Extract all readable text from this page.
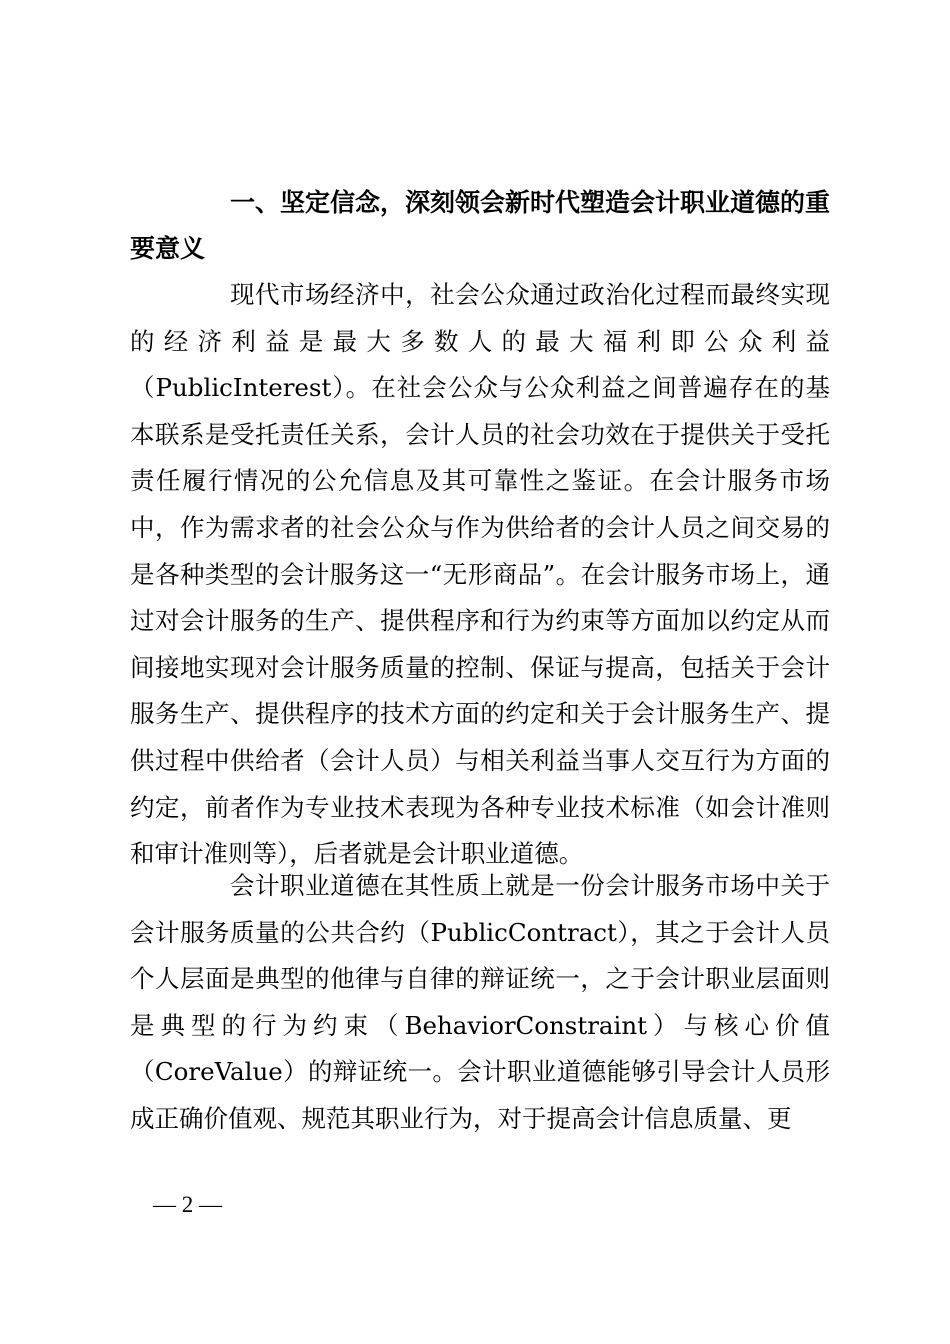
一、坚定信念，深刻领会新时代塑造会计职业道德的重要意义
现代市场经济中，社会公众通过政治化过程而最终实现的经济利益是最大多数人的最大福利即公众利益（PublicInterest）。在社会公众与公众利益之间普遍存在的基本联系是受托责任关系，会计人员的社会功效在于提供关于受托责任履行情况的公允信息及其可靠性之鉴证。在会计服务市场中，作为需求者的社会公众与作为供给者的会计人员之间交易的是各种类型的会计服务这一“无形商品”。在会计服务市场上，通过对会计服务的生产、提供程序和行为约束等方面加以约定从而间接地实现对会计服务质量的控制、保证与提高，包括关于会计服务生产、提供程序的技术方面的约定和关于会计服务生产、提供过程中供给者（会计人员）与相关利益当事人交互行为方面的约定，前者作为专业技术表现为各种专业技术标准（如会计准则和审计准则等），后者就是会计职业道德。
会计职业道德在其性质上就是一份会计服务市场中关于会计服务质量的公共合约（PublicContract），其之于会计人员个人层面是典型的他律与自律的辩证统一，之于会计职业层面则是典型的行为约束（BehaviorConstraint）与核心价值（CoreValue）的辩证统一。会计职业道德能够引导会计人员形成正确价值观、规范其职业行为，对于提高会计信息质量、更
— 2 —
